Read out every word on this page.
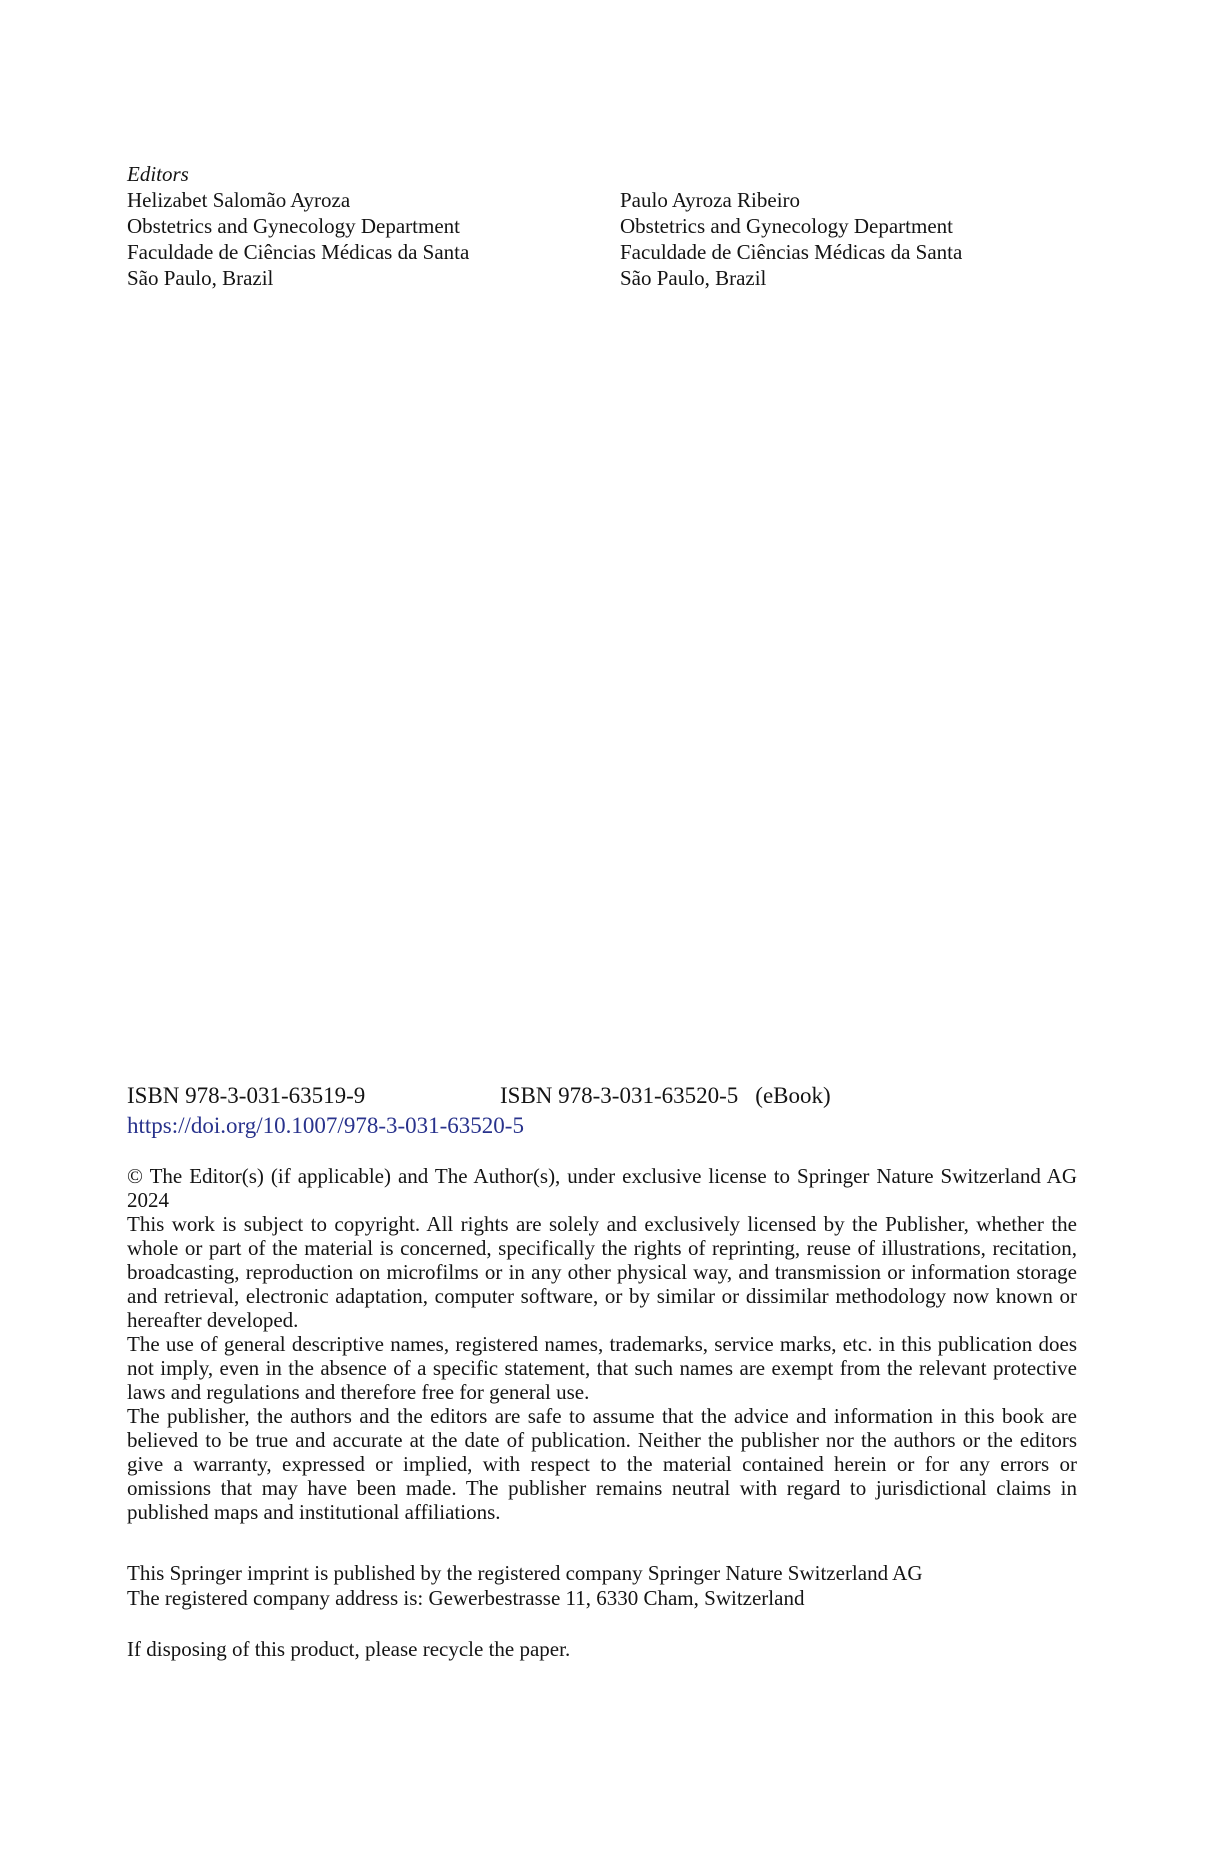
Editors
Helizabet Salomão Ayroza
Obstetrics and Gynecology Department
Faculdade de Ciências Médicas da Santa
São Paulo, Brazil
Paulo Ayroza Ribeiro
Obstetrics and Gynecology Department
Faculdade de Ciências Médicas da Santa
São Paulo, Brazil
ISBN 978-3-031-63519-9	ISBN 978-3-031-63520-5 (eBook)
https://doi.org/10.1007/978-3-031-63520-5

© The Editor(s) (if applicable) and The Author(s), under exclusive license to Springer Nature Switzerland AG 2024

This work is subject to copyright. All rights are solely and exclusively licensed by the Publisher, whether the whole or part of the material is concerned, specifically the rights of reprinting, reuse of illustrations, recitation, broadcasting, reproduction on microfilms or in any other physical way, and transmission or information storage and retrieval, electronic adaptation, computer software, or by similar or dissimilar methodology now known or hereafter developed.

The use of general descriptive names, registered names, trademarks, service marks, etc. in this publication does not imply, even in the absence of a specific statement, that such names are exempt from the relevant protective laws and regulations and therefore free for general use.

The publisher, the authors and the editors are safe to assume that the advice and information in this book are believed to be true and accurate at the date of publication. Neither the publisher nor the authors or the editors give a warranty, expressed or implied, with respect to the material contained herein or for any errors or omissions that may have been made. The publisher remains neutral with regard to jurisdictional claims in published maps and institutional affiliations.

This Springer imprint is published by the registered company Springer Nature Switzerland AG
The registered company address is: Gewerbestrasse 11, 6330 Cham, Switzerland
If disposing of this product, please recycle the paper.
